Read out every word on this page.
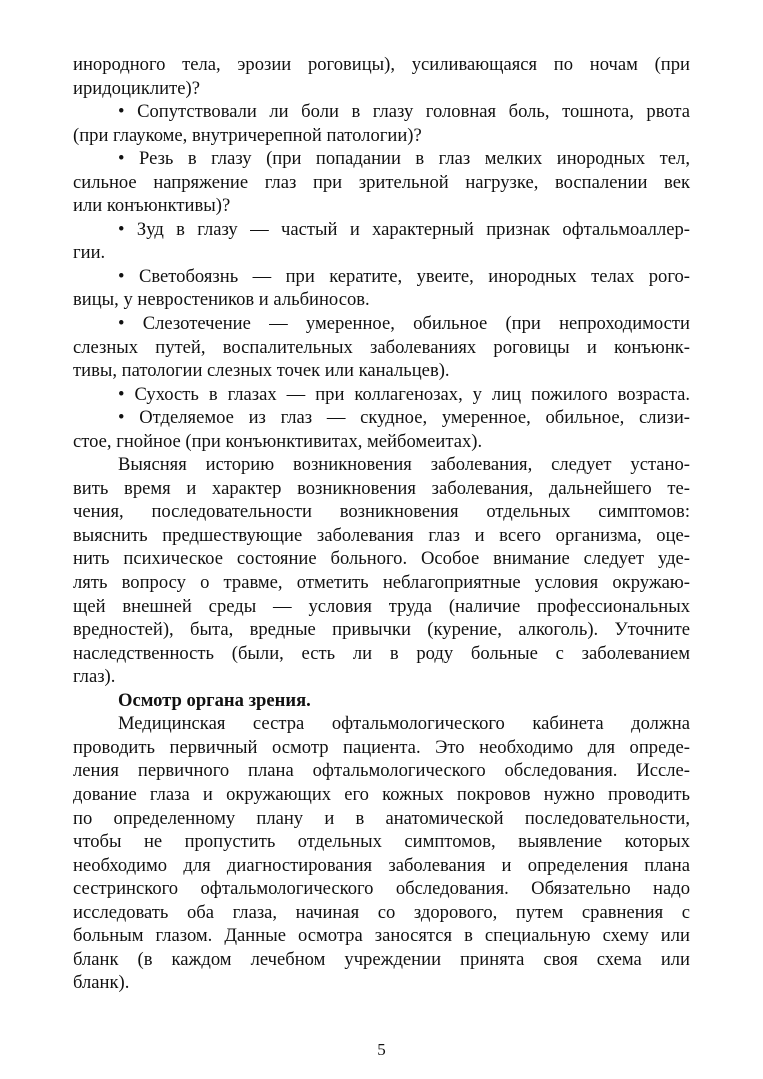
инородного тела, эрозии роговицы), усиливающаяся по ночам (при

иридоциклите)?

• Сопутствовали ли боли в глазу головная боль, тошнота, рвота

(при глаукоме, внутричерепной патологии)?

• Резь в глазу (при попадании в глаз мелких инородных тел,

сильное напряжение глаз при зрительной нагрузке, воспалении век

или конъюнктивы)?

• Зуд в глазу — частый и характерный признак офтальмоаллер-

гии.

• Светобоязнь — при кератите, увеите, инородных телах рого-

вицы, у невростеников и альбиносов.

• Слезотечение — умеренное, обильное (при непроходимости

слезных путей, воспалительных заболеваниях роговицы и конъюнк-

тивы, патологии слезных точек или канальцев).

• Сухость в глазах — при коллагенозах, у лиц пожилого возраста.

• Отделяемое из глаз — скудное, умеренное, обильное, слизи-

стое, гнойное (при конъюнктивитах, мейбомеитах).

Выясняя историю возникновения заболевания, следует устано-

вить время и характер возникновения заболевания, дальнейшего те-

чения, последовательности возникновения отдельных симптомов:

выяснить предшествующие заболевания глаз и всего организма, оце-

нить психическое состояние больного. Особое внимание следует уде-

лять вопросу о травме, отметить неблагоприятные условия окружаю-

щей внешней среды — условия труда (наличие профессиональных

вредностей), быта, вредные привычки (курение, алкоголь). Уточните

наследственность (были, есть ли в роду больные с заболеванием

глаз).

Осмотр органа зрения.

Медицинская сестра офтальмологического кабинета должна

проводить первичный осмотр пациента. Это необходимо для опреде-

ления первичного плана офтальмологического обследования. Иссле-

дование глаза и окружающих его кожных покровов нужно проводить

по определенному плану и в анатомической последовательности,

чтобы не пропустить отдельных симптомов, выявление которых

необходимо для диагностирования заболевания и определения плана

сестринского офтальмологического обследования. Обязательно надо

исследовать оба глаза, начиная со здорового, путем сравнения с

больным глазом. Данные осмотра заносятся в специальную схему или

бланк (в каждом лечебном учреждении принята своя схема или

бланк).

5
